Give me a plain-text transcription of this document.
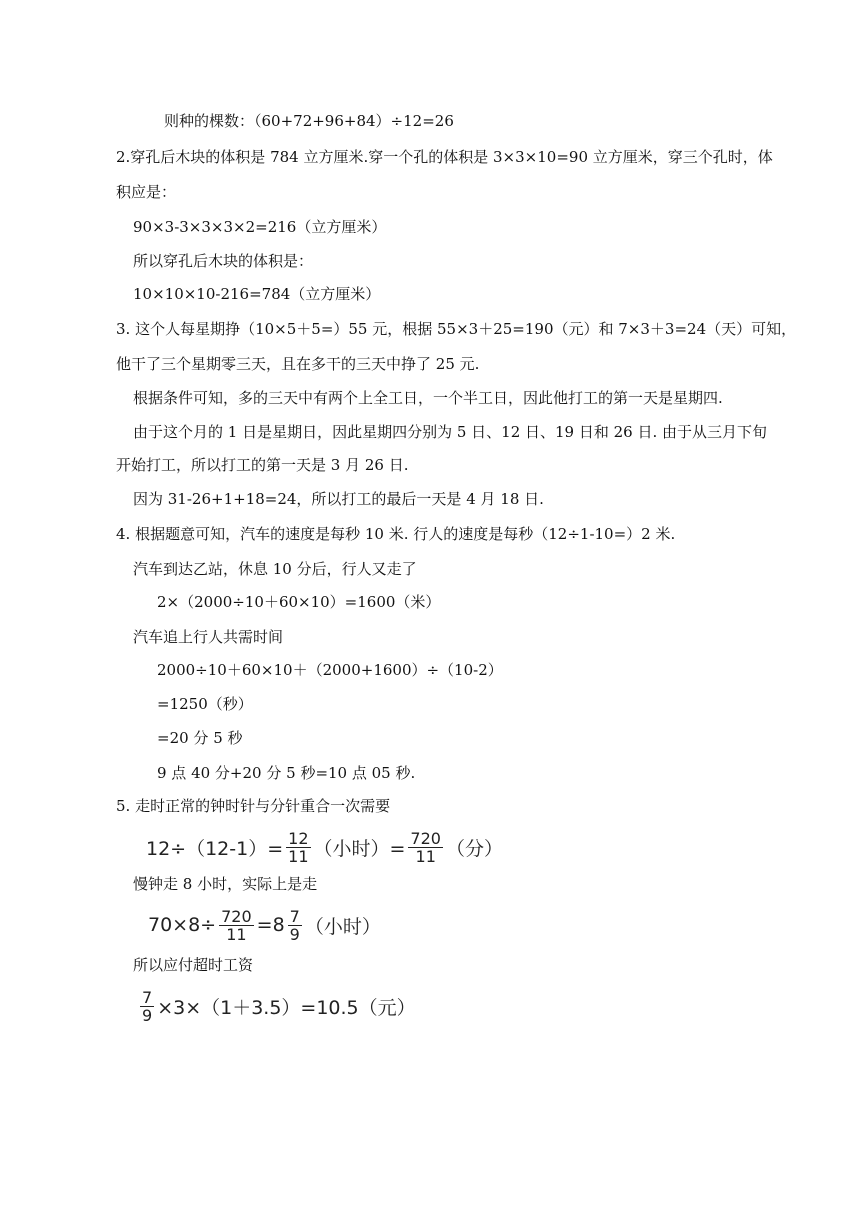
则种的棵数：（60+72+96+84）÷12=26
2.穿孔后木块的体积是 784 立方厘米.穿一个孔的体积是 3×3×10=90 立方厘米，穿三个孔时，体
积应是：
90×3-3×3×3×2=216（立方厘米）
所以穿孔后木块的体积是：
10×10×10-216=784（立方厘米）
3. 这个人每星期挣（10×5＋5=）55 元，根据 55×3＋25=190（元）和 7×3＋3=24（天）可知，
他干了三个星期零三天，且在多干的三天中挣了 25 元.
根据条件可知，多的三天中有两个上全工日，一个半工日，因此他打工的第一天是星期四.
由于这个月的 1 日是星期日，因此星期四分别为 5 日、12 日、19 日和 26 日. 由于从三月下旬
开始打工，所以打工的第一天是 3 月 26 日.
因为 31-26+1+18=24，所以打工的最后一天是 4 月 18 日.
4. 根据题意可知，汽车的速度是每秒 10 米. 行人的速度是每秒（12÷1-10=）2 米.
汽车到达乙站，休息 10 分后，行人又走了
2×（2000÷10＋60×10）=1600（米）
汽车追上行人共需时间
2000÷10＋60×10＋（2000+1600）÷（10-2）
=1250（秒）
=20 分 5 秒
9 点 40 分+20 分 5 秒=10 点 05 秒.
5. 走时正常的钟时针与分针重合一次需要
$12\div(12-1)= \frac{12}{11}$ （小时）= $\frac{720}{11}$ （分）
慢钟走 8 小时，实际上是走
$70\times 8\div \frac{720}{11} =8 \frac{7}{9}$ （小时）
所以应付超时工资
$\frac{7}{9} \times 3\times(1+3.5)=10.5$（元）
